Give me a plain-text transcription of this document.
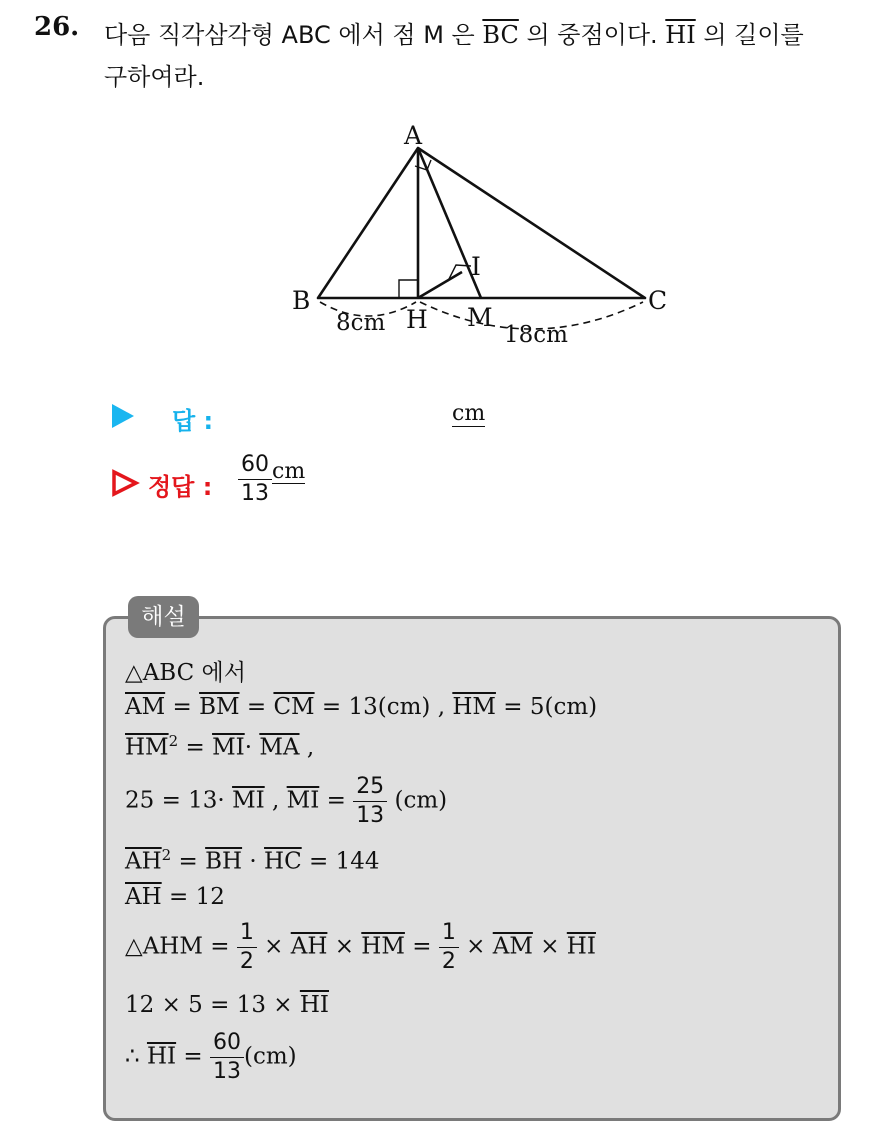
26. 다음 직각삼각형 ABC 에서 점 M 은 $\overline{BC}$ 의 중점이다. $\overline{HI}$ 의 길이를
구하여라.
A
B	C
H M
I
8cm	18cm
답 :	cm
정답 : $\frac{60}{13}$ cm
해설
△ABC 에서
$\overline{AM} = \overline{BM} = \overline{CM} = 13(cm)$ , $\overline{HM} = 5(cm)$
$\overline{HM}^2 = \overline{MI}\cdot \overline{MA}$ ,
$25 = 13\cdot \overline{MI}$ , $\overline{MI} = \frac{25}{13} (cm)$
$\overline{AH}^2 = \overline{BH} \cdot \overline{HC} = 144$
$\overline{AH} = 12$
△AHM = $\frac{1}{2} \times \overline{AH} \times \overline{HM} = \frac{1}{2} \times \overline{AM} \times \overline{HI}$
$12 \times 5 = 13 \times \overline{HI}$
∴ $\overline{HI} = \frac{60}{13} (cm)$
